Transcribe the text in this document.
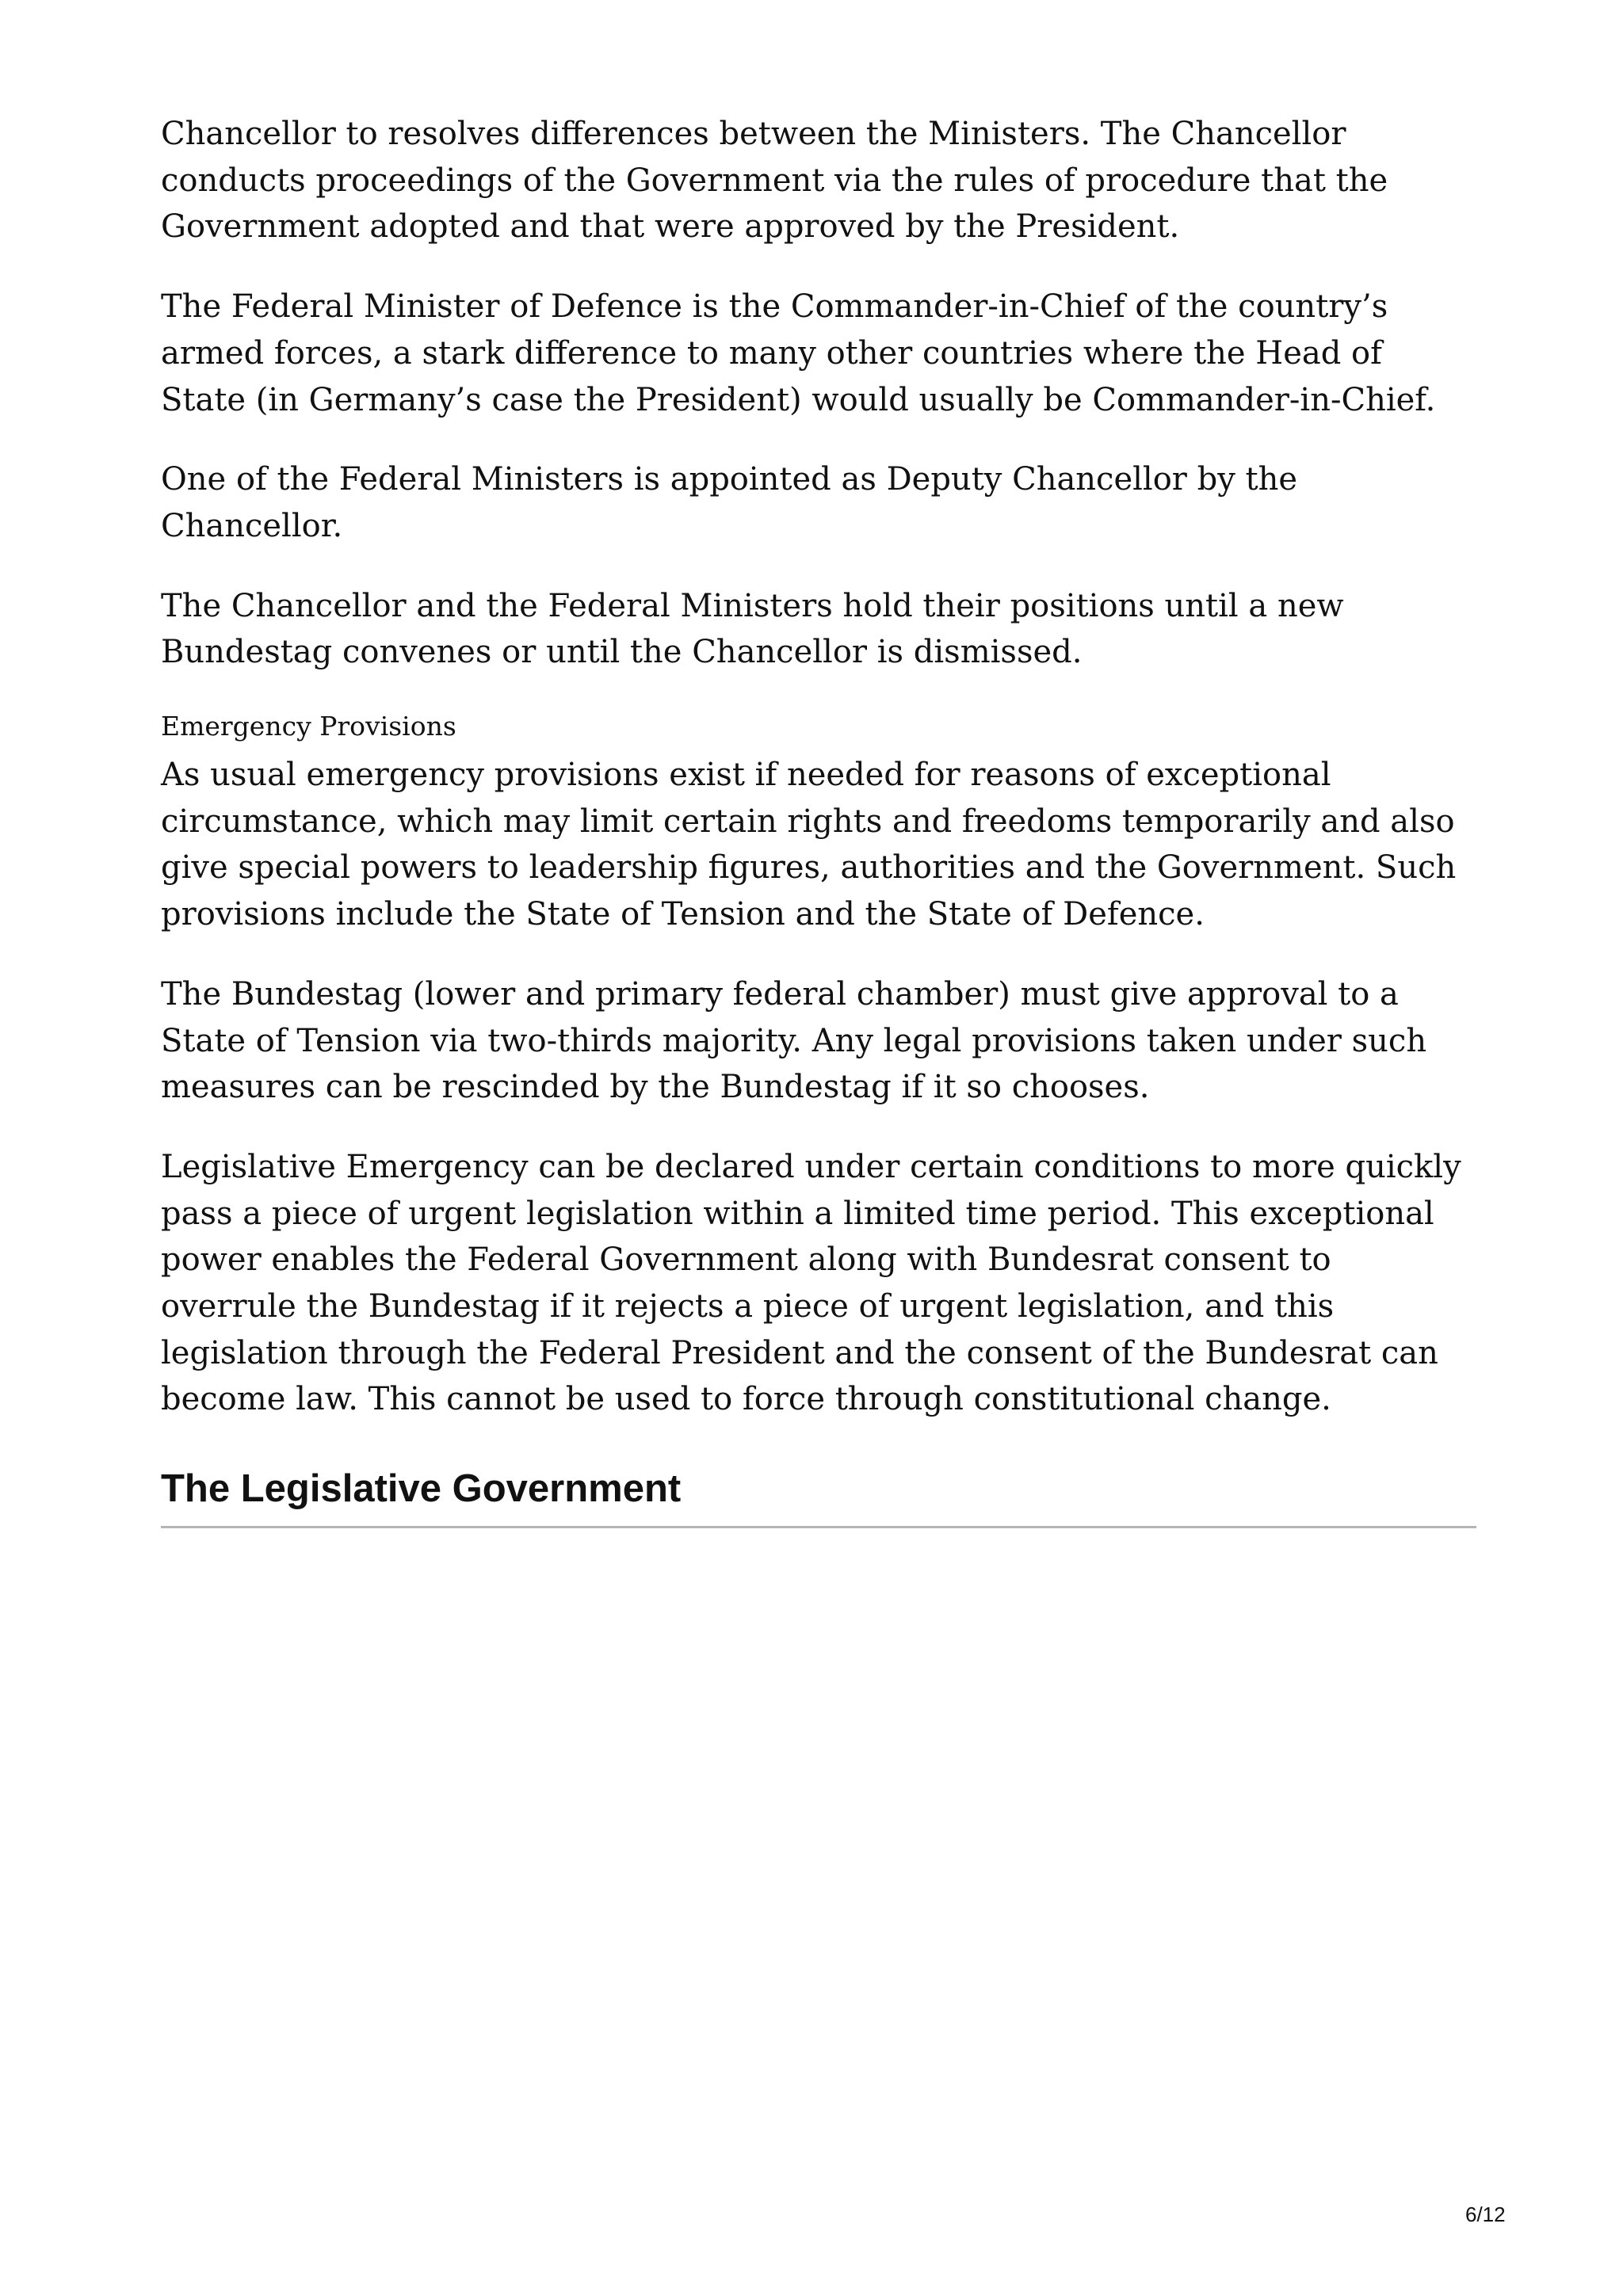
Chancellor to resolves differences between the Ministers. The Chancellor conducts proceedings of the Government via the rules of procedure that the Government adopted and that were approved by the President.

The Federal Minister of Defence is the Commander-in-Chief of the country’s armed forces, a stark difference to many other countries where the Head of State (in Germany’s case the President) would usually be Commander-in-Chief.

One of the Federal Ministers is appointed as Deputy Chancellor by the Chancellor.

The Chancellor and the Federal Ministers hold their positions until a new Bundestag convenes or until the Chancellor is dismissed.

Emergency Provisions

As usual emergency provisions exist if needed for reasons of exceptional circumstance, which may limit certain rights and freedoms temporarily and also give special powers to leadership figures, authorities and the Government. Such provisions include the State of Tension and the State of Defence.

The Bundestag (lower and primary federal chamber) must give approval to a State of Tension via two-thirds majority. Any legal provisions taken under such measures can be rescinded by the Bundestag if it so chooses.

Legislative Emergency can be declared under certain conditions to more quickly pass a piece of urgent legislation within a limited time period. This exceptional power enables the Federal Government along with Bundesrat consent to overrule the Bundestag if it rejects a piece of urgent legislation, and this legislation through the Federal President and the consent of the Bundesrat can become law. This cannot be used to force through constitutional change.

The Legislative Government
6/12
